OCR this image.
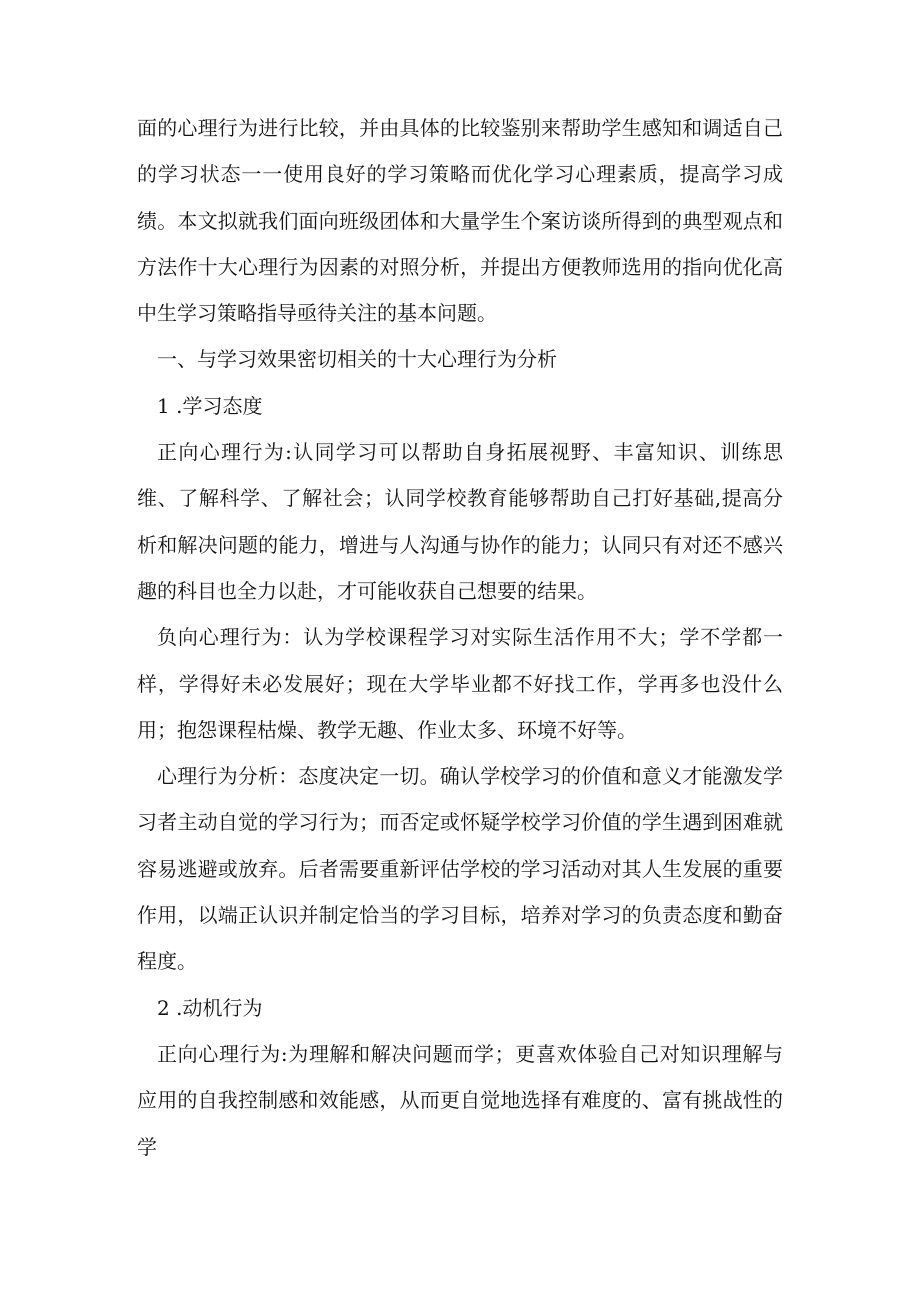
面的心理行为进行比较，并由具体的比较鉴别来帮助学生感知和调适自己的学习状态一一使用良好的学习策略而优化学习心理素质，提高学习成绩。本文拟就我们面向班级团体和大量学生个案访谈所得到的典型观点和方法作十大心理行为因素的对照分析，并提出方便教师选用的指向优化高中生学习策略指导亟待关注的基本问题。

一、与学习效果密切相关的十大心理行为分析

1 .学习态度

正向心理行为:认同学习可以帮助自身拓展视野、丰富知识、训练思维、了解科学、了解社会；认同学校教育能够帮助自己打好基础,提高分析和解决问题的能力，增进与人沟通与协作的能力；认同只有对还不感兴趣的科目也全力以赴，才可能收获自己想要的结果。

负向心理行为：认为学校课程学习对实际生活作用不大；学不学都一样，学得好未必发展好；现在大学毕业都不好找工作，学再多也没什么用；抱怨课程枯燥、教学无趣、作业太多、环境不好等。

心理行为分析：态度决定一切。确认学校学习的价值和意义才能激发学习者主动自觉的学习行为；而否定或怀疑学校学习价值的学生遇到困难就容易逃避或放弃。后者需要重新评估学校的学习活动对其人生发展的重要作用，以端正认识并制定恰当的学习目标，培养对学习的负责态度和勤奋程度。

2 .动机行为

正向心理行为:为理解和解决问题而学；更喜欢体验自己对知识理解与应用的自我控制感和效能感，从而更自觉地选择有难度的、富有挑战性的学
